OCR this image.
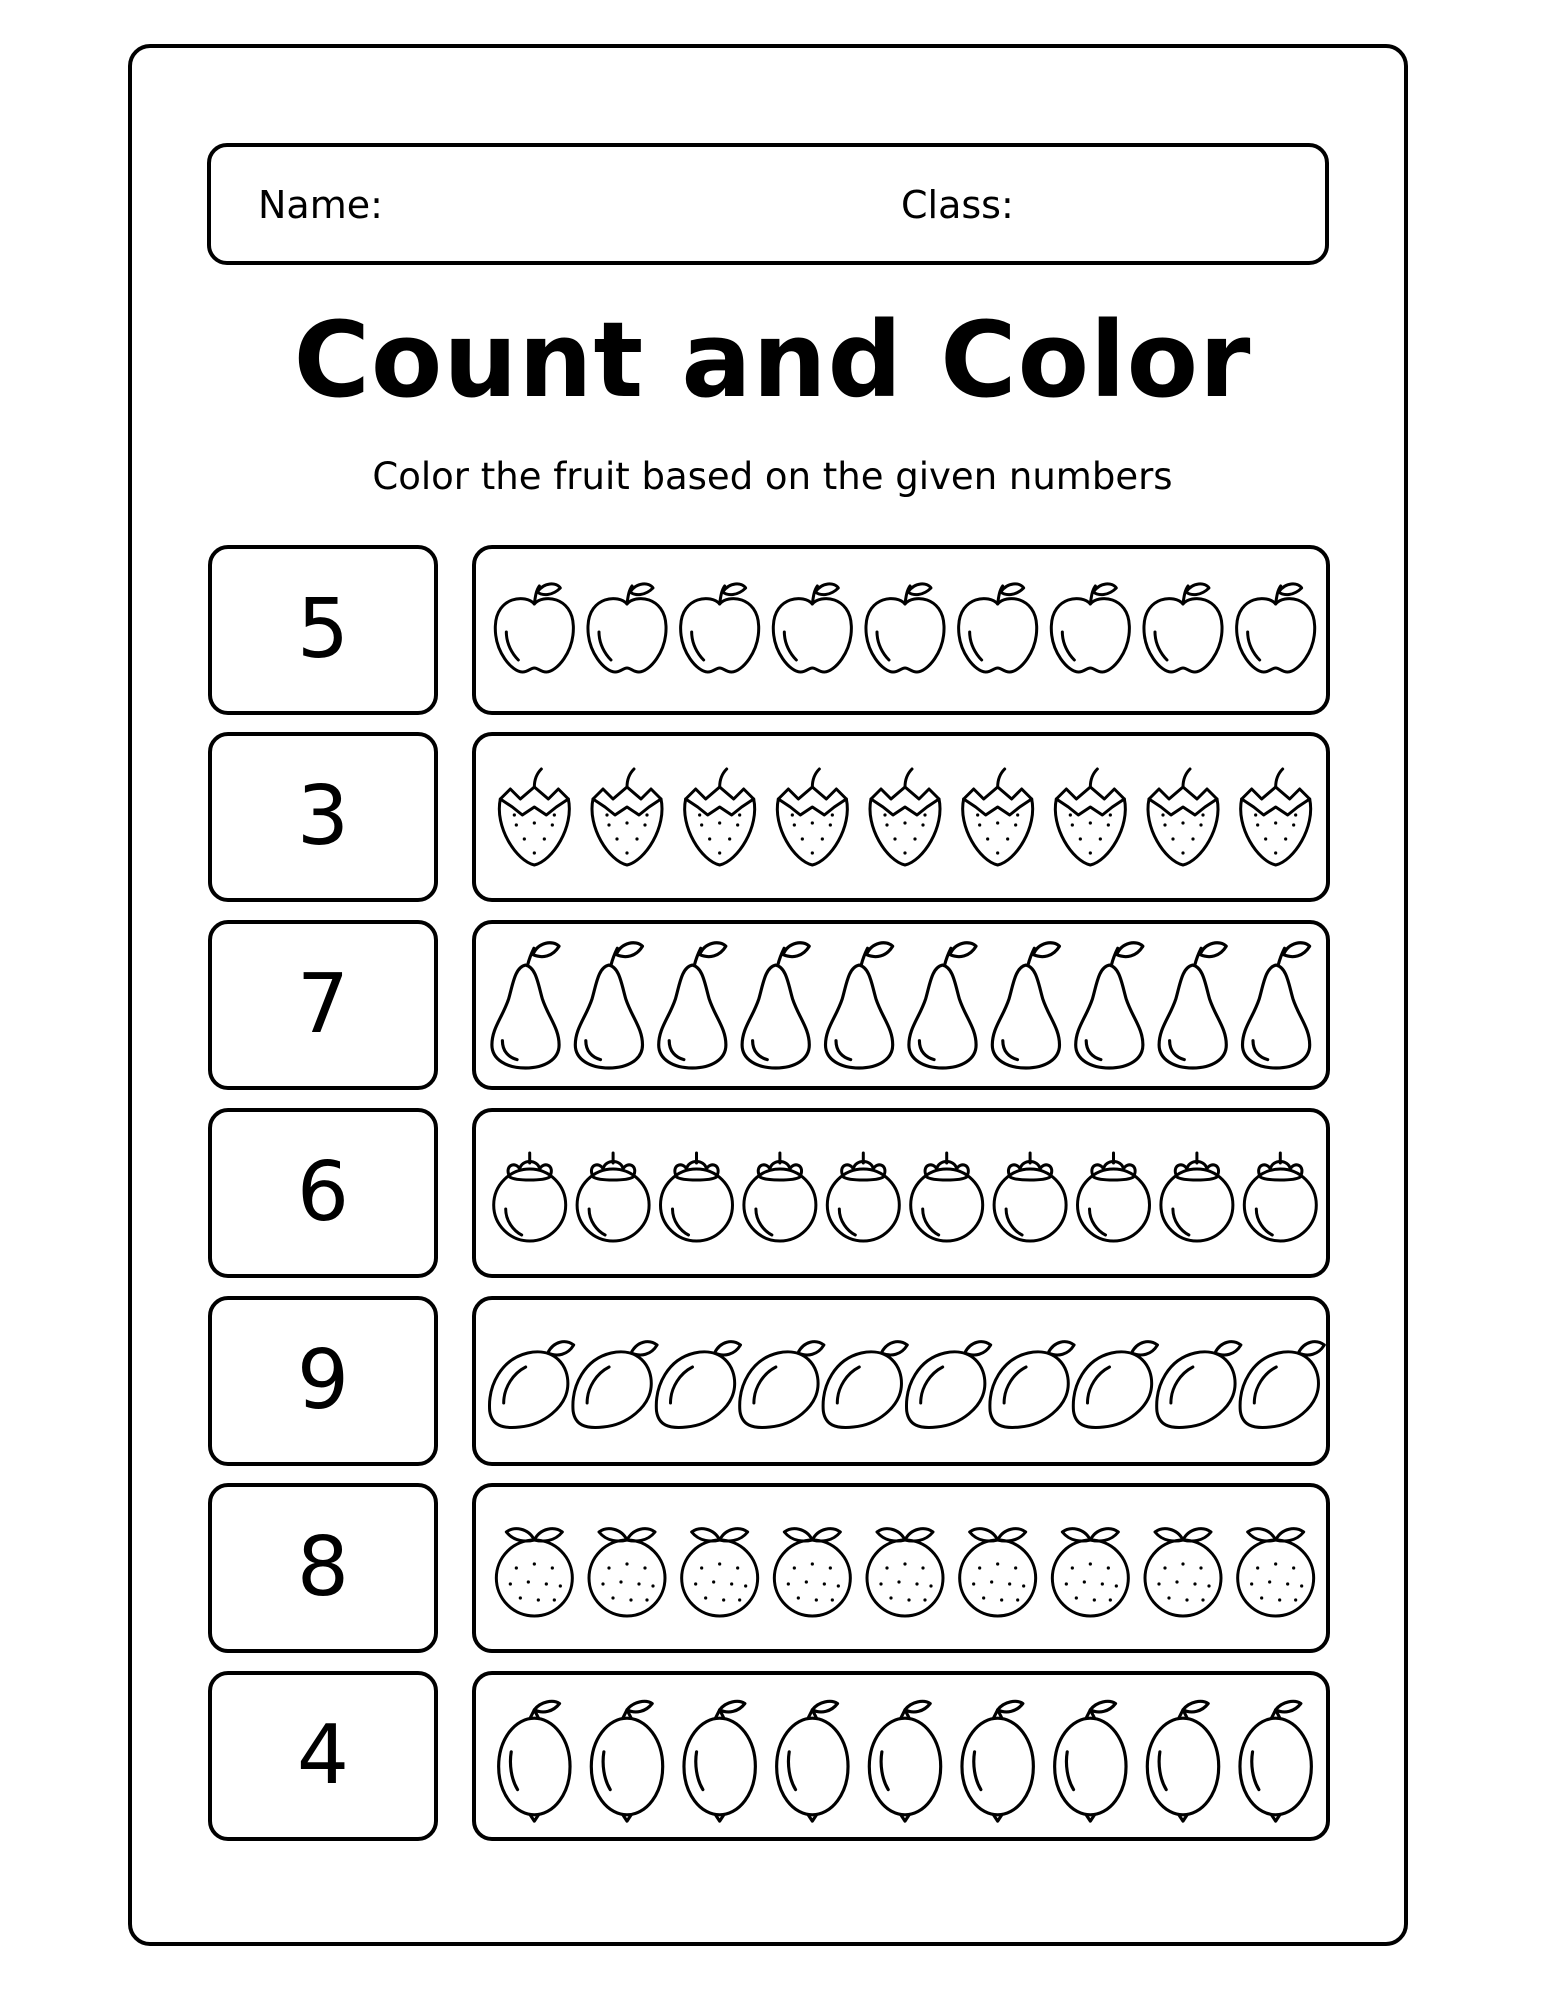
Name:	Class:
Count and Color
Color the fruit based on the given numbers
5
3
7
6
9
8
4
